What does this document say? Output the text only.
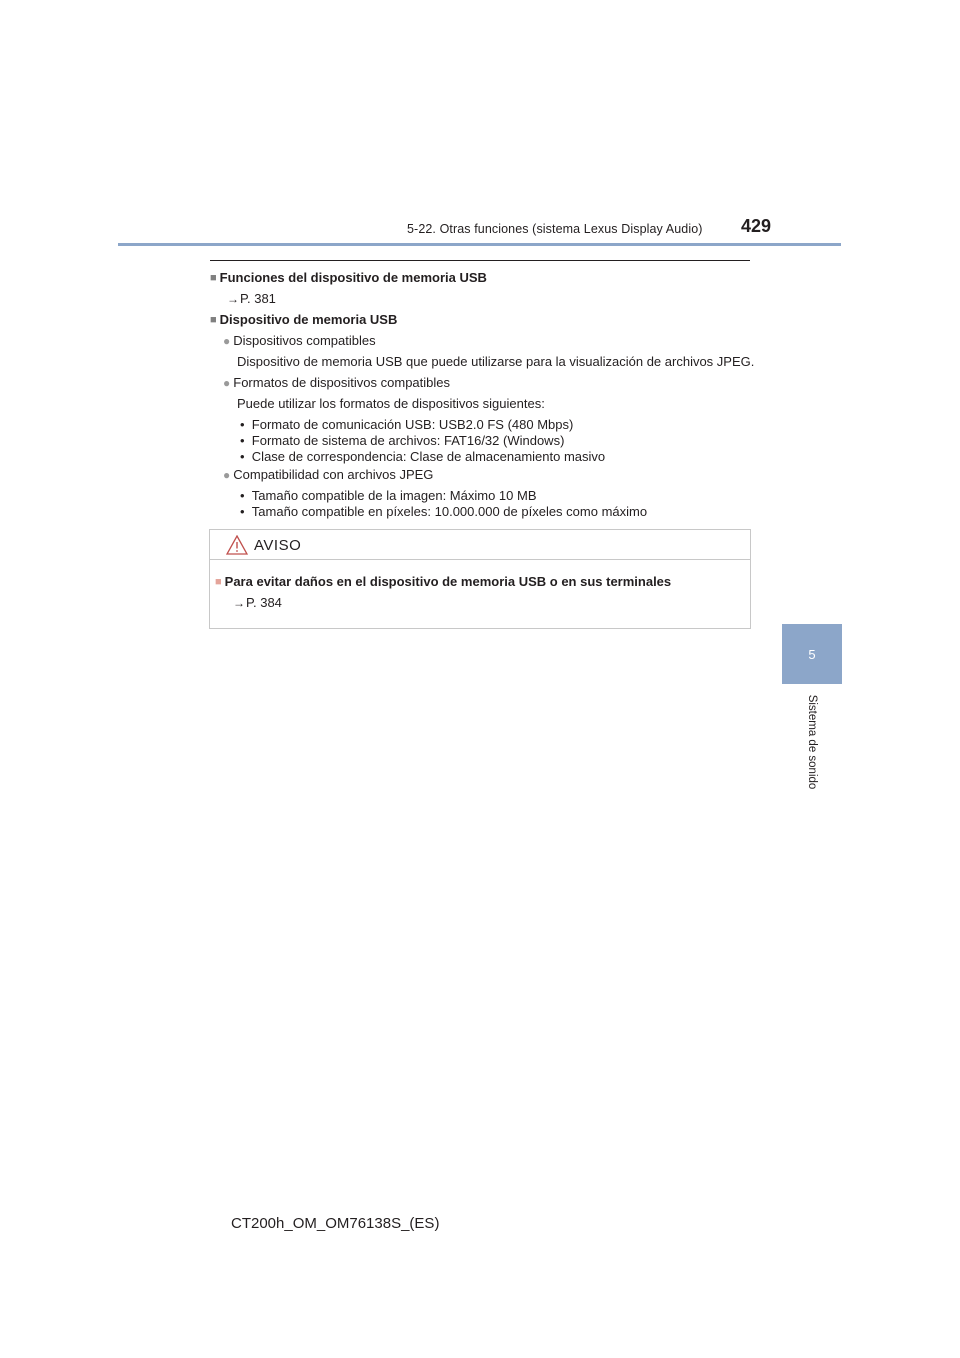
5-22. Otras funciones (sistema Lexus Display Audio) 429
5
Sistema de sonido
■ Funciones del dispositivo de memoria USB
→P. 381
■ Dispositivo de memoria USB
● Dispositivos compatibles
Dispositivo de memoria USB que puede utilizarse para la visualización de archivos JPEG.
● Formatos de dispositivos compatibles
Puede utilizar los formatos de dispositivos siguientes:
• Formato de comunicación USB: USB2.0 FS (480 Mbps)
• Formato de sistema de archivos: FAT16/32 (Windows)
• Clase de correspondencia: Clase de almacenamiento masivo
● Compatibilidad con archivos JPEG
• Tamaño compatible de la imagen: Máximo 10 MB
• Tamaño compatible en píxeles: 10.000.000 de píxeles como máximo
AVISO
■ Para evitar daños en el dispositivo de memoria USB o en sus terminales
→P. 384
CT200h_OM_OM76138S_(ES)
